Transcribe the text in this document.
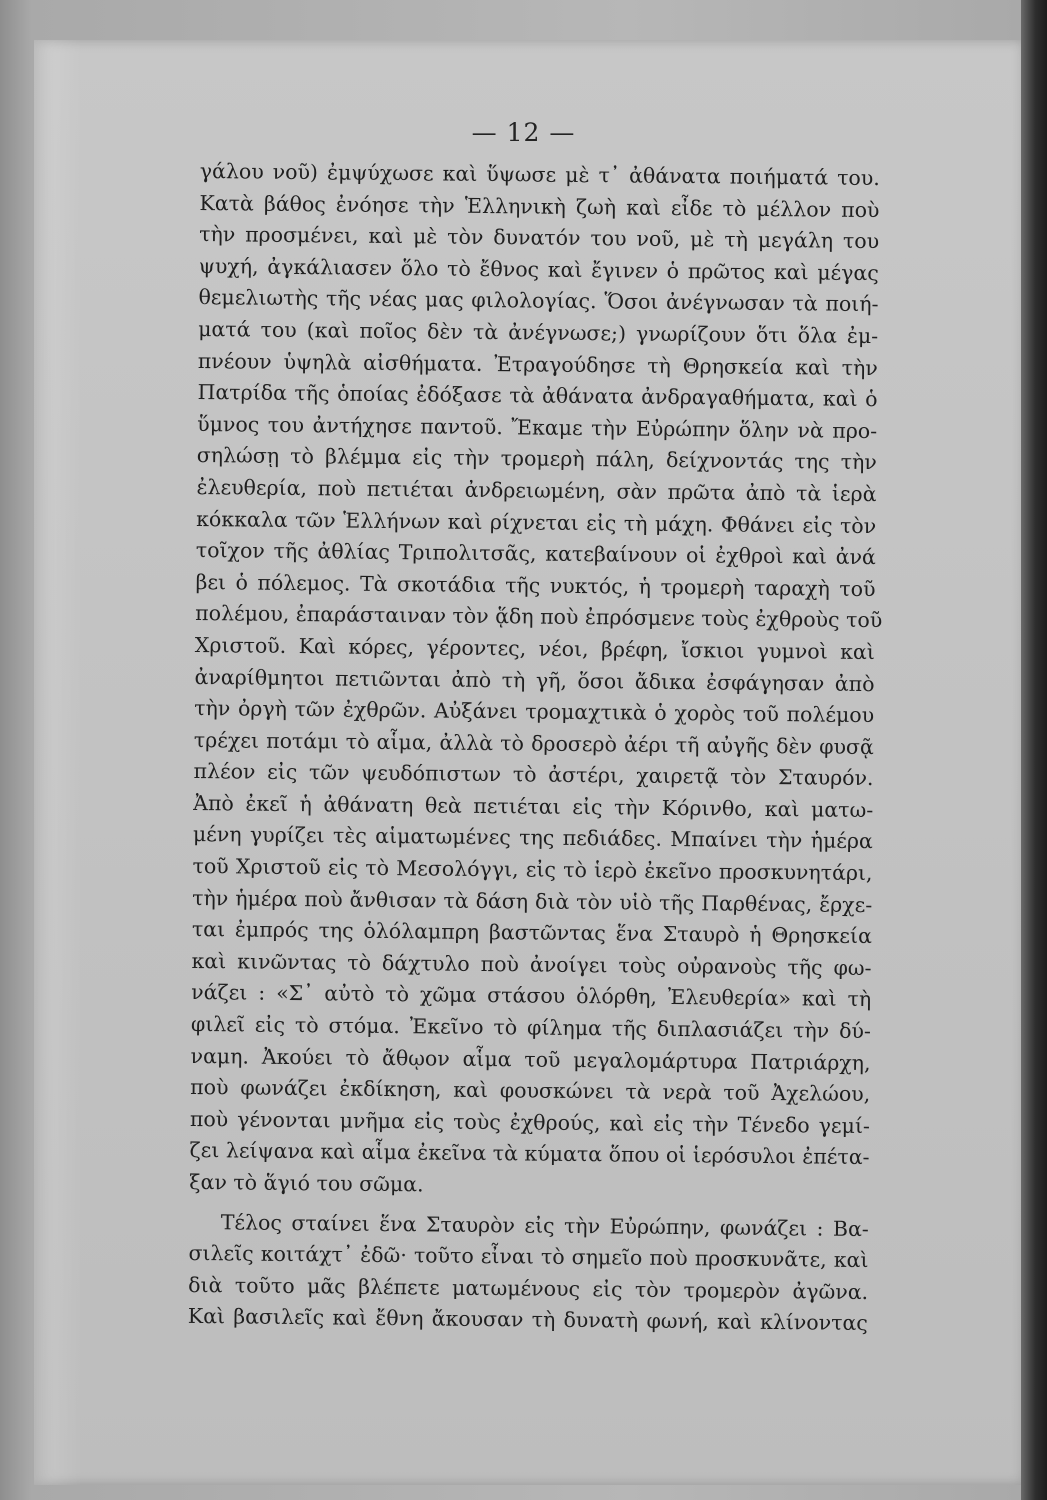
— 12 —
γάλου νοῦ) ἐμψύχωσε καὶ ὕψωσε μὲ τ᾽ ἀθάνατα ποιήματά του.
Κατὰ βάθος ἐνόησε τὴν Ἑλληνικὴ ζωὴ καὶ εἶδε τὸ μέλλον ποὺ
τὴν προσμένει, καὶ μὲ τὸν δυνατόν του νοῦ, μὲ τὴ μεγάλη του
ψυχή, ἀγκάλιασεν ὅλο τὸ ἔθνος καὶ ἔγινεν ὁ πρῶτος καὶ μέγας
θεμελιωτὴς τῆς νέας μας φιλολογίας. Ὅσοι ἀνέγνωσαν τὰ ποιή-
ματά του (καὶ ποῖος δὲν τὰ ἀνέγνωσε;) γνωρίζουν ὅτι ὅλα ἐμ-
πνέουν ὑψηλὰ αἰσθήματα. Ἐτραγούδησε τὴ Θρησκεία καὶ τὴν
Πατρίδα τῆς ὁποίας ἐδόξασε τὰ ἀθάνατα ἀνδραγαθήματα, καὶ ὁ
ὕμνος του ἀντήχησε παντοῦ. Ἔκαμε τὴν Εὐρώπην ὅλην νὰ προ-
σηλώσῃ τὸ βλέμμα εἰς τὴν τρομερὴ πάλη, δείχνοντάς της τὴν
ἐλευθερία, ποὺ πετιέται ἀνδρειωμένη, σὰν πρῶτα ἀπὸ τὰ ἱερὰ
κόκκαλα τῶν Ἑλλήνων καὶ ρίχνεται εἰς τὴ μάχη. Φθάνει εἰς τὸν
τοῖχον τῆς ἀθλίας Τριπολιτσᾶς, κατεβαίνουν οἱ ἐχθροὶ καὶ ἀνά
βει ὁ πόλεμος. Τὰ σκοτάδια τῆς νυκτός, ἡ τρομερὴ ταραχὴ τοῦ
πολέμου, ἐπαράσταιναν τὸν ᾅδη ποὺ ἐπρόσμενε τοὺς ἐχθροὺς τοῦ
Χριστοῦ. Καὶ κόρες, γέροντες, νέοι, βρέφη, ἴσκιοι γυμνοὶ καὶ
ἀναρίθμητοι πετιῶνται ἀπὸ τὴ γῆ, ὅσοι ἄδικα ἐσφάγησαν ἀπὸ
τὴν ὀργὴ τῶν ἐχθρῶν. Αὐξάνει τρομαχτικὰ ὁ χορὸς τοῦ πολέμου
τρέχει ποτάμι τὸ αἷμα, ἀλλὰ τὸ δροσερὸ ἀέρι τῆ αὐγῆς δὲν φυσᾷ
πλέον εἰς τῶν ψευδόπιστων τὸ ἀστέρι, χαιρετᾷ τὸν Σταυρόν.
Ἀπὸ ἐκεῖ ἡ ἀθάνατη θεὰ πετιέται εἰς τὴν Κόρινθο, καὶ ματω-
μένη γυρίζει τὲς αἱματωμένες της πεδιάδες. Μπαίνει τὴν ἡμέρα
τοῦ Χριστοῦ εἰς τὸ Μεσολόγγι, εἰς τὸ ἱερὸ ἐκεῖνο προσκυνητάρι,
τὴν ἡμέρα ποὺ ἄνθισαν τὰ δάση διὰ τὸν υἱὸ τῆς Παρθένας, ἔρχε-
ται ἐμπρός της ὁλόλαμπρη βαστῶντας ἕνα Σταυρὸ ἡ Θρησκεία
καὶ κινῶντας τὸ δάχτυλο ποὺ ἀνοίγει τοὺς οὐρανοὺς τῆς φω-
νάζει : «Σ᾽ αὐτὸ τὸ χῶμα στάσου ὁλόρθη, Ἐλευθερία» καὶ τὴ
φιλεῖ εἰς τὸ στόμα. Ἐκεῖνο τὸ φίλημα τῆς διπλασιάζει τὴν δύ-
ναμη. Ἀκούει τὸ ἄθῳον αἷμα τοῦ μεγαλομάρτυρα Πατριάρχη,
ποὺ φωνάζει ἐκδίκηση, καὶ φουσκώνει τὰ νερὰ τοῦ Ἀχελώου,
ποὺ γένονται μνῆμα εἰς τοὺς ἐχθρούς, καὶ εἰς τὴν Τένεδο γεμί-
ζει λείψανα καὶ αἷμα ἐκεῖνα τὰ κύματα ὅπου οἱ ἱερόσυλοι ἐπέτα-
ξαν τὸ ἅγιό του σῶμα.
Τέλος σταίνει ἕνα Σταυρὸν εἰς τὴν Εὐρώπην, φωνάζει : Βα-
σιλεῖς κοιτάχτ᾽ ἐδῶ· τοῦτο εἶναι τὸ σημεῖο ποὺ προσκυνᾶτε, καὶ
διὰ τοῦτο μᾶς βλέπετε ματωμένους εἰς τὸν τρομερὸν ἀγῶνα.
Καὶ βασιλεῖς καὶ ἔθνη ἄκουσαν τὴ δυνατὴ φωνή, καὶ κλίνοντας
